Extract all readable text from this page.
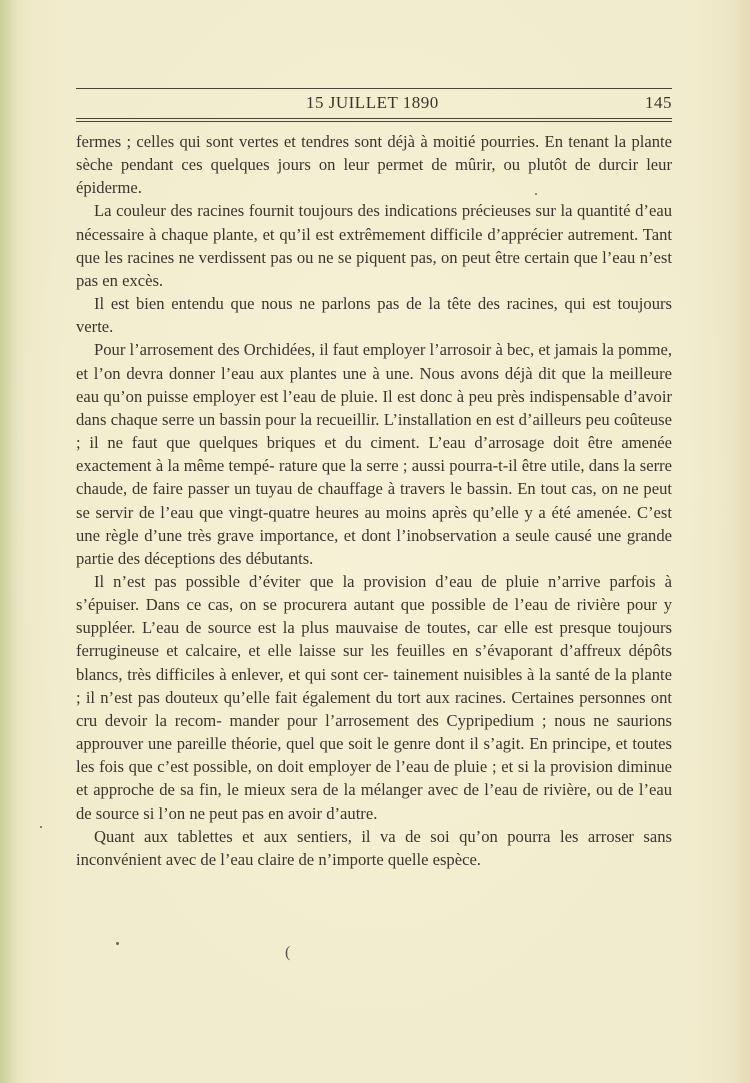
15 JUILLET 1890	145

fermes ; celles qui sont vertes et tendres sont déjà à moitié pourries. En tenant la plante sèche pendant ces quelques jours on leur permet de mûrir, ou plutôt de durcir leur épiderme.

La couleur des racines fournit toujours des indications précieuses sur la quantité d’eau nécessaire à chaque plante, et qu’il est extrêmement difficile d’apprécier autrement. Tant que les racines ne verdissent pas ou ne se piquent pas, on peut être certain que l’eau n’est pas en excès.

Il est bien entendu que nous ne parlons pas de la tête des racines, qui est toujours verte.

Pour l’arrosement des Orchidées, il faut employer l’arrosoir à bec, et jamais la pomme, et l’on devra donner l’eau aux plantes une à une. Nous avons déjà dit que la meilleure eau qu’on puisse employer est l’eau de pluie. Il est donc à peu près indispensable d’avoir dans chaque serre un bassin pour la recueillir. L’installation en est d’ailleurs peu coûteuse ; il ne faut que quelques briques et du ciment. L’eau d’arrosage doit être amenée exactement à la même tempé- rature que la serre ; aussi pourra-t-il être utile, dans la serre chaude, de faire passer un tuyau de chauffage à travers le bassin. En tout cas, on ne peut se servir de l’eau que vingt-quatre heures au moins après qu’elle y a été amenée. C’est une règle d’une très grave importance, et dont l’inobservation a seule causé une grande partie des déceptions des débutants.

Il n’est pas possible d’éviter que la provision d’eau de pluie n’arrive parfois à s’épuiser. Dans ce cas, on se procurera autant que possible de l’eau de rivière pour y suppléer. L’eau de source est la plus mauvaise de toutes, car elle est presque toujours ferrugineuse et calcaire, et elle laisse sur les feuilles en s’évaporant d’affreux dépôts blancs, très difficiles à enlever, et qui sont cer- tainement nuisibles à la santé de la plante ; il n’est pas douteux qu’elle fait également du tort aux racines. Certaines personnes ont cru devoir la recom- mander pour l’arrosement des Cypripedium ; nous ne saurions approuver une pareille théorie, quel que soit le genre dont il s’agit. En principe, et toutes les fois que c’est possible, on doit employer de l’eau de pluie ; et si la provision diminue et approche de sa fin, le mieux sera de la mélanger avec de l’eau de rivière, ou de l’eau de source si l’on ne peut pas en avoir d’autre.

Quant aux tablettes et aux sentiers, il va de soi qu’on pourra les arroser sans inconvénient avec de l’eau claire de n’importe quelle espèce.

(
